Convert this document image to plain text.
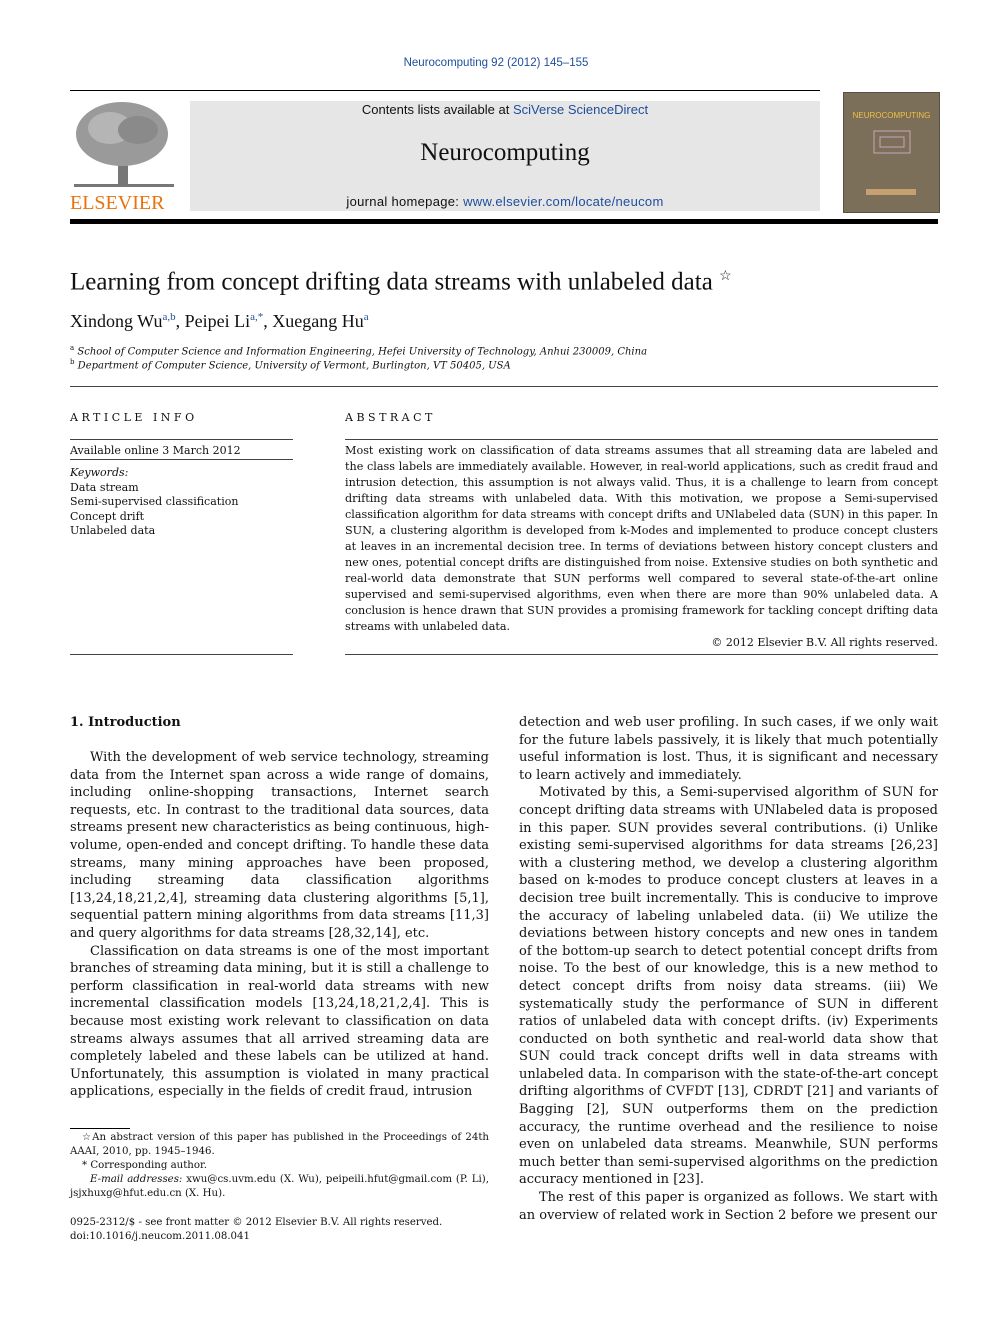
Neurocomputing 92 (2012) 145–155
ELSEVIER
Contents lists available at SciVerse ScienceDirect
Neurocomputing
journal homepage: www.elsevier.com/locate/neucom
NEUROCOMPUTING
Learning from concept drifting data streams with unlabeled data ☆
Xindong Wu$^{a,b}$, Peipei $Li^{a,*}$, Xuegang Hu$^a$
$^a$ School of Computer Science and Information Engineering, Hefei University of Technology, Anhui 230009, China
$^b$ Department of Computer Science, University of Vermont, Burlington, VT 50405, USA
ARTICLE INFO
Available online 3 March 2012
Keywords:
Data stream
Semi-supervised classification
Concept drift
Unlabeled data
ABSTRACT
Most existing work on classification of data streams assumes that all streaming data are labeled and the class labels are immediately available. However, in real-world applications, such as credit fraud and intrusion detection, this assumption is not always valid. Thus, it is a challenge to learn from concept drifting data streams with unlabeled data. With this motivation, we propose a Semi-supervised classification algorithm for data streams with concept drifts and UNlabeled data (SUN) in this paper. In SUN, a clustering algorithm is developed from k-Modes and implemented to produce concept clusters at leaves in an incremental decision tree. In terms of deviations between history concept clusters and new ones, potential concept drifts are distinguished from noise. Extensive studies on both synthetic and real-world data demonstrate that SUN performs well compared to several state-of-the-art online supervised and semi-supervised algorithms, even when there are more than 90% unlabeled data. A conclusion is hence drawn that SUN provides a promising framework for tackling concept drifting data streams with unlabeled data.
© 2012 Elsevier B.V. All rights reserved.
1. Introduction

With the development of web service technology, streaming data from the Internet span across a wide range of domains, including online-shopping transactions, Internet search requests, etc. In contrast to the traditional data sources, data streams present new characteristics as being continuous, high-volume, open-ended and concept drifting. To handle these data streams, many mining approaches have been proposed, including streaming data classification algorithms [13,24,18,21,2,4], streaming data clustering algorithms [5,1], sequential pattern mining algorithms from data streams [11,3] and query algorithms for data streams [28,32,14], etc.

Classification on data streams is one of the most important branches of streaming data mining, but it is still a challenge to perform classification in real-world data streams with new incremental classification models [13,24,18,21,2,4]. This is because most existing work relevant to classification on data streams always assumes that all arrived streaming data are completely labeled and these labels can be utilized at hand. Unfortunately, this assumption is violated in many practical applications, especially in the fields of credit fraud, intrusion

☆An abstract version of this paper has published in the Proceedings of 24th AAAI, 2010, pp. 1945–1946.
* Corresponding author.
E-mail addresses: xwu@cs.uvm.edu (X. Wu), peipeili.hfut@gmail.com (P. Li), jsjxhuxg@hfut.edu.cn (X. Hu).
0925-2312/$ - see front matter © 2012 Elsevier B.V. All rights reserved.
doi:10.1016/j.neucom.2011.08.041

detection and web user profiling. In such cases, if we only wait for the future labels passively, it is likely that much potentially useful information is lost. Thus, it is significant and necessary to learn actively and immediately.

Motivated by this, a Semi-supervised algorithm of SUN for concept drifting data streams with UNlabeled data is proposed in this paper. SUN provides several contributions. (i) Unlike existing semi-supervised algorithms for data streams [26,23] with a clustering method, we develop a clustering algorithm based on k-modes to produce concept clusters at leaves in a decision tree built incrementally. This is conducive to improve the accuracy of labeling unlabeled data. (ii) We utilize the deviations between history concepts and new ones in tandem of the bottom-up search to detect potential concept drifts from noise. To the best of our knowledge, this is a new method to detect concept drifts from noisy data streams. (iii) We systematically study the performance of SUN in different ratios of unlabeled data with concept drifts. (iv) Experiments conducted on both synthetic and real-world data show that SUN could track concept drifts well in data streams with unlabeled data. In comparison with the state-of-the-art concept drifting algorithms of CVFDT [13], CDRDT [21] and variants of Bagging [2], SUN outperforms them on the prediction accuracy, the runtime overhead and the resilience to noise even on unlabeled data streams. Meanwhile, SUN performs much better than semi-supervised algorithms on the prediction accuracy mentioned in [23].

The rest of this paper is organized as follows. We start with an overview of related work in Section 2 before we present our
